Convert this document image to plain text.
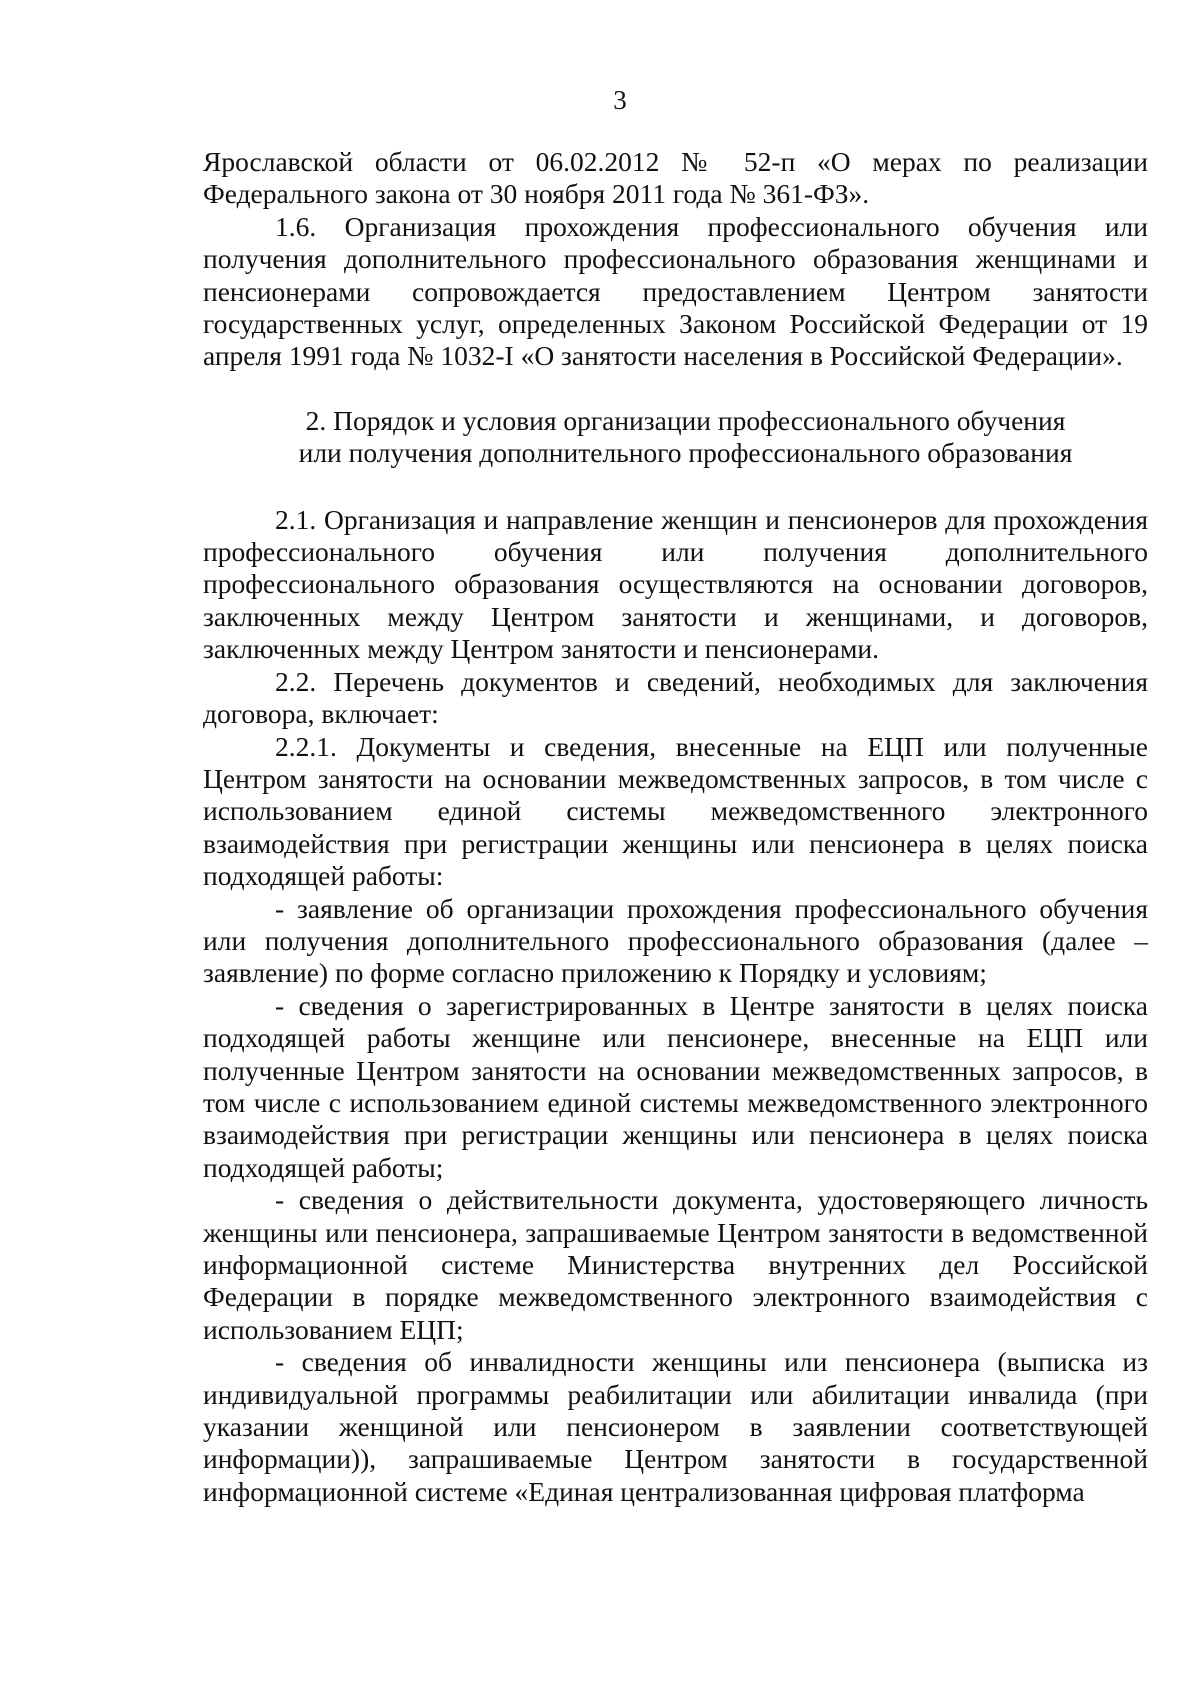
3

Ярославской области от 06.02.2012 № 52-п «О мерах по реализации Федерального закона от 30 ноября 2011 года № 361-ФЗ».

1.6. Организация прохождения профессионального обучения или получения дополнительного профессионального образования женщинами и пенсионерами сопровождается предоставлением Центром занятости государственных услуг, определенных Законом Российской Федерации от 19 апреля 1991 года № 1032-I «О занятости населения в Российской Федерации».

2. Порядок и условия организации профессионального обучения

или получения дополнительного профессионального образования

2.1. Организация и направление женщин и пенсионеров для прохождения профессионального обучения или получения дополнительного профессионального образования осуществляются на основании договоров, заключенных между Центром занятости и женщинами, и договоров, заключенных между Центром занятости и пенсионерами.

2.2. Перечень документов и сведений, необходимых для заключения договора, включает:

2.2.1. Документы и сведения, внесенные на ЕЦП или полученные Центром занятости на основании межведомственных запросов, в том числе с использованием единой системы межведомственного электронного взаимодействия при регистрации женщины или пенсионера в целях поиска подходящей работы:

- заявление об организации прохождения профессионального обучения или получения дополнительного профессионального образования (далее – заявление) по форме согласно приложению к Порядку и условиям;

- сведения о зарегистрированных в Центре занятости в целях поиска подходящей работы женщине или пенсионере, внесенные на ЕЦП или полученные Центром занятости на основании межведомственных запросов, в том числе с использованием единой системы межведомственного электронного взаимодействия при регистрации женщины или пенсионера в целях поиска подходящей работы;

- сведения о действительности документа, удостоверяющего личность женщины или пенсионера, запрашиваемые Центром занятости в ведомственной информационной системе Министерства внутренних дел Российской Федерации в порядке межведомственного электронного взаимодействия с использованием ЕЦП;

- сведения об инвалидности женщины или пенсионера (выписка из индивидуальной программы реабилитации или абилитации инвалида (при указании женщиной или пенсионером в заявлении соответствующей информации)), запрашиваемые Центром занятости в государственной информационной системе «Единая централизованная цифровая платформа
